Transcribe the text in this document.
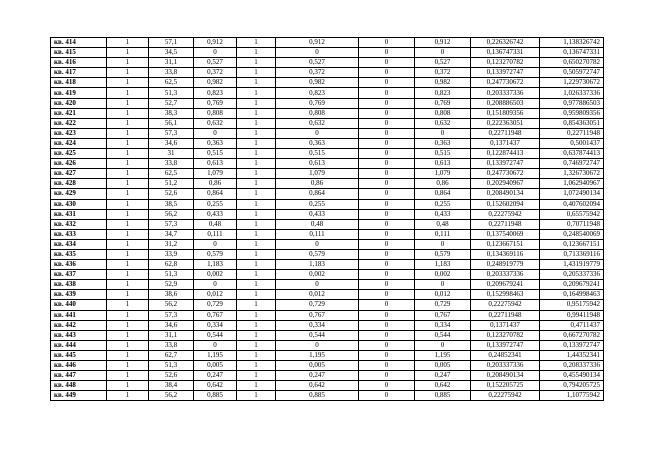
кв. 414	1	57,1	0,912	1	0,912	0	0,912	0,226326742	1,138326742
кв. 415	1	34,5	0	1	0	0	0	0,136747331	0,136747331
кв. 416	1	31,1	0,527	1	0,527	0	0,527	0,123270782	0,650270782
кв. 417	1	33,8	0,372	1	0,372	0	0,372	0,133972747	0,505972747
кв. 418	1	62,5	0,982	1	0,982	0	0,982	0,247730672	1,229730672
кв. 419	1	51,3	0,823	1	0,823	0	0,823	0,203337336	1,026337336
кв. 420	1	52,7	0,769	1	0,769	0	0,769	0,208886503	0,977886503
кв. 421	1	38,3	0,808	1	0,808	0	0,808	0,151809356	0,959809356
кв. 422	1	56,1	0,632	1	0,632	0	0,632	0,222363051	0,854363051
кв. 423	1	57,3	0	1	0	0	0	0,22711948	0,22711948
кв. 424	1	34,6	0,363	1	0,363	0	0,363	0,1371437	0,5001437
кв. 425	1	31	0,515	1	0,515	0	0,515	0,122874413	0,637874413
кв. 426	1	33,8	0,613	1	0,613	0	0,613	0,133972747	0,746972747
кв. 427	1	62,5	1,079	1	1,079	0	1,079	0,247730672	1,326730672
кв. 428	1	51,2	0,86	1	0,86	0	0,86	0,202940967	1,062940967
кв. 429	1	52,6	0,864	1	0,864	0	0,864	0,208490134	1,072490134
кв. 430	1	38,5	0,255	1	0,255	0	0,255	0,152602094	0,407602094
кв. 431	1	56,2	0,433	1	0,433	0	0,433	0,22275942	0,65575942
кв. 432	1	57,3	0,48	1	0,48	0	0,48	0,22711948	0,70711948
кв. 433	1	34,7	0,111	1	0,111	0	0,111	0,137540069	0,248540069
кв. 434	1	31,2	0	1	0	0	0	0,123667151	0,123667151
кв. 435	1	33,9	0,579	1	0,579	0	0,579	0,134369116	0,713369116
кв. 436	1	62,8	1,183	1	1,183	0	1,183	0,248919779	1,431919779
кв. 437	1	51,3	0,002	1	0,002	0	0,002	0,203337336	0,205337336
кв. 438	1	52,9	0	1	0	0	0	0,209679241	0,209679241
кв. 439	1	38,6	0,012	1	0,012	0	0,012	0,152998463	0,164998463
кв. 440	1	56,2	0,729	1	0,729	0	0,729	0,22275942	0,95175942
кв. 441	1	57,3	0,767	1	0,767	0	0,767	0,22711948	0,99411948
кв. 442	1	34,6	0,334	1	0,334	0	0,334	0,1371437	0,4711437
кв. 443	1	31,1	0,544	1	0,544	0	0,544	0,123270782	0,667270782
кв. 444	1	33,8	0	1	0	0	0	0,133972747	0,133972747
кв. 445	1	62,7	1,195	1	1,195	0	1,195	0,24852341	1,44352341
кв. 446	1	51,3	0,005	1	0,005	0	0,005	0,203337336	0,208337336
кв. 447	1	52,6	0,247	1	0,247	0	0,247	0,208490134	0,455490134
кв. 448	1	38,4	0,642	1	0,642	0	0,642	0,152205725	0,794205725
кв. 449	1	56,2	0,885	1	0,885	0	0,885	0,22275942	1,10775942
